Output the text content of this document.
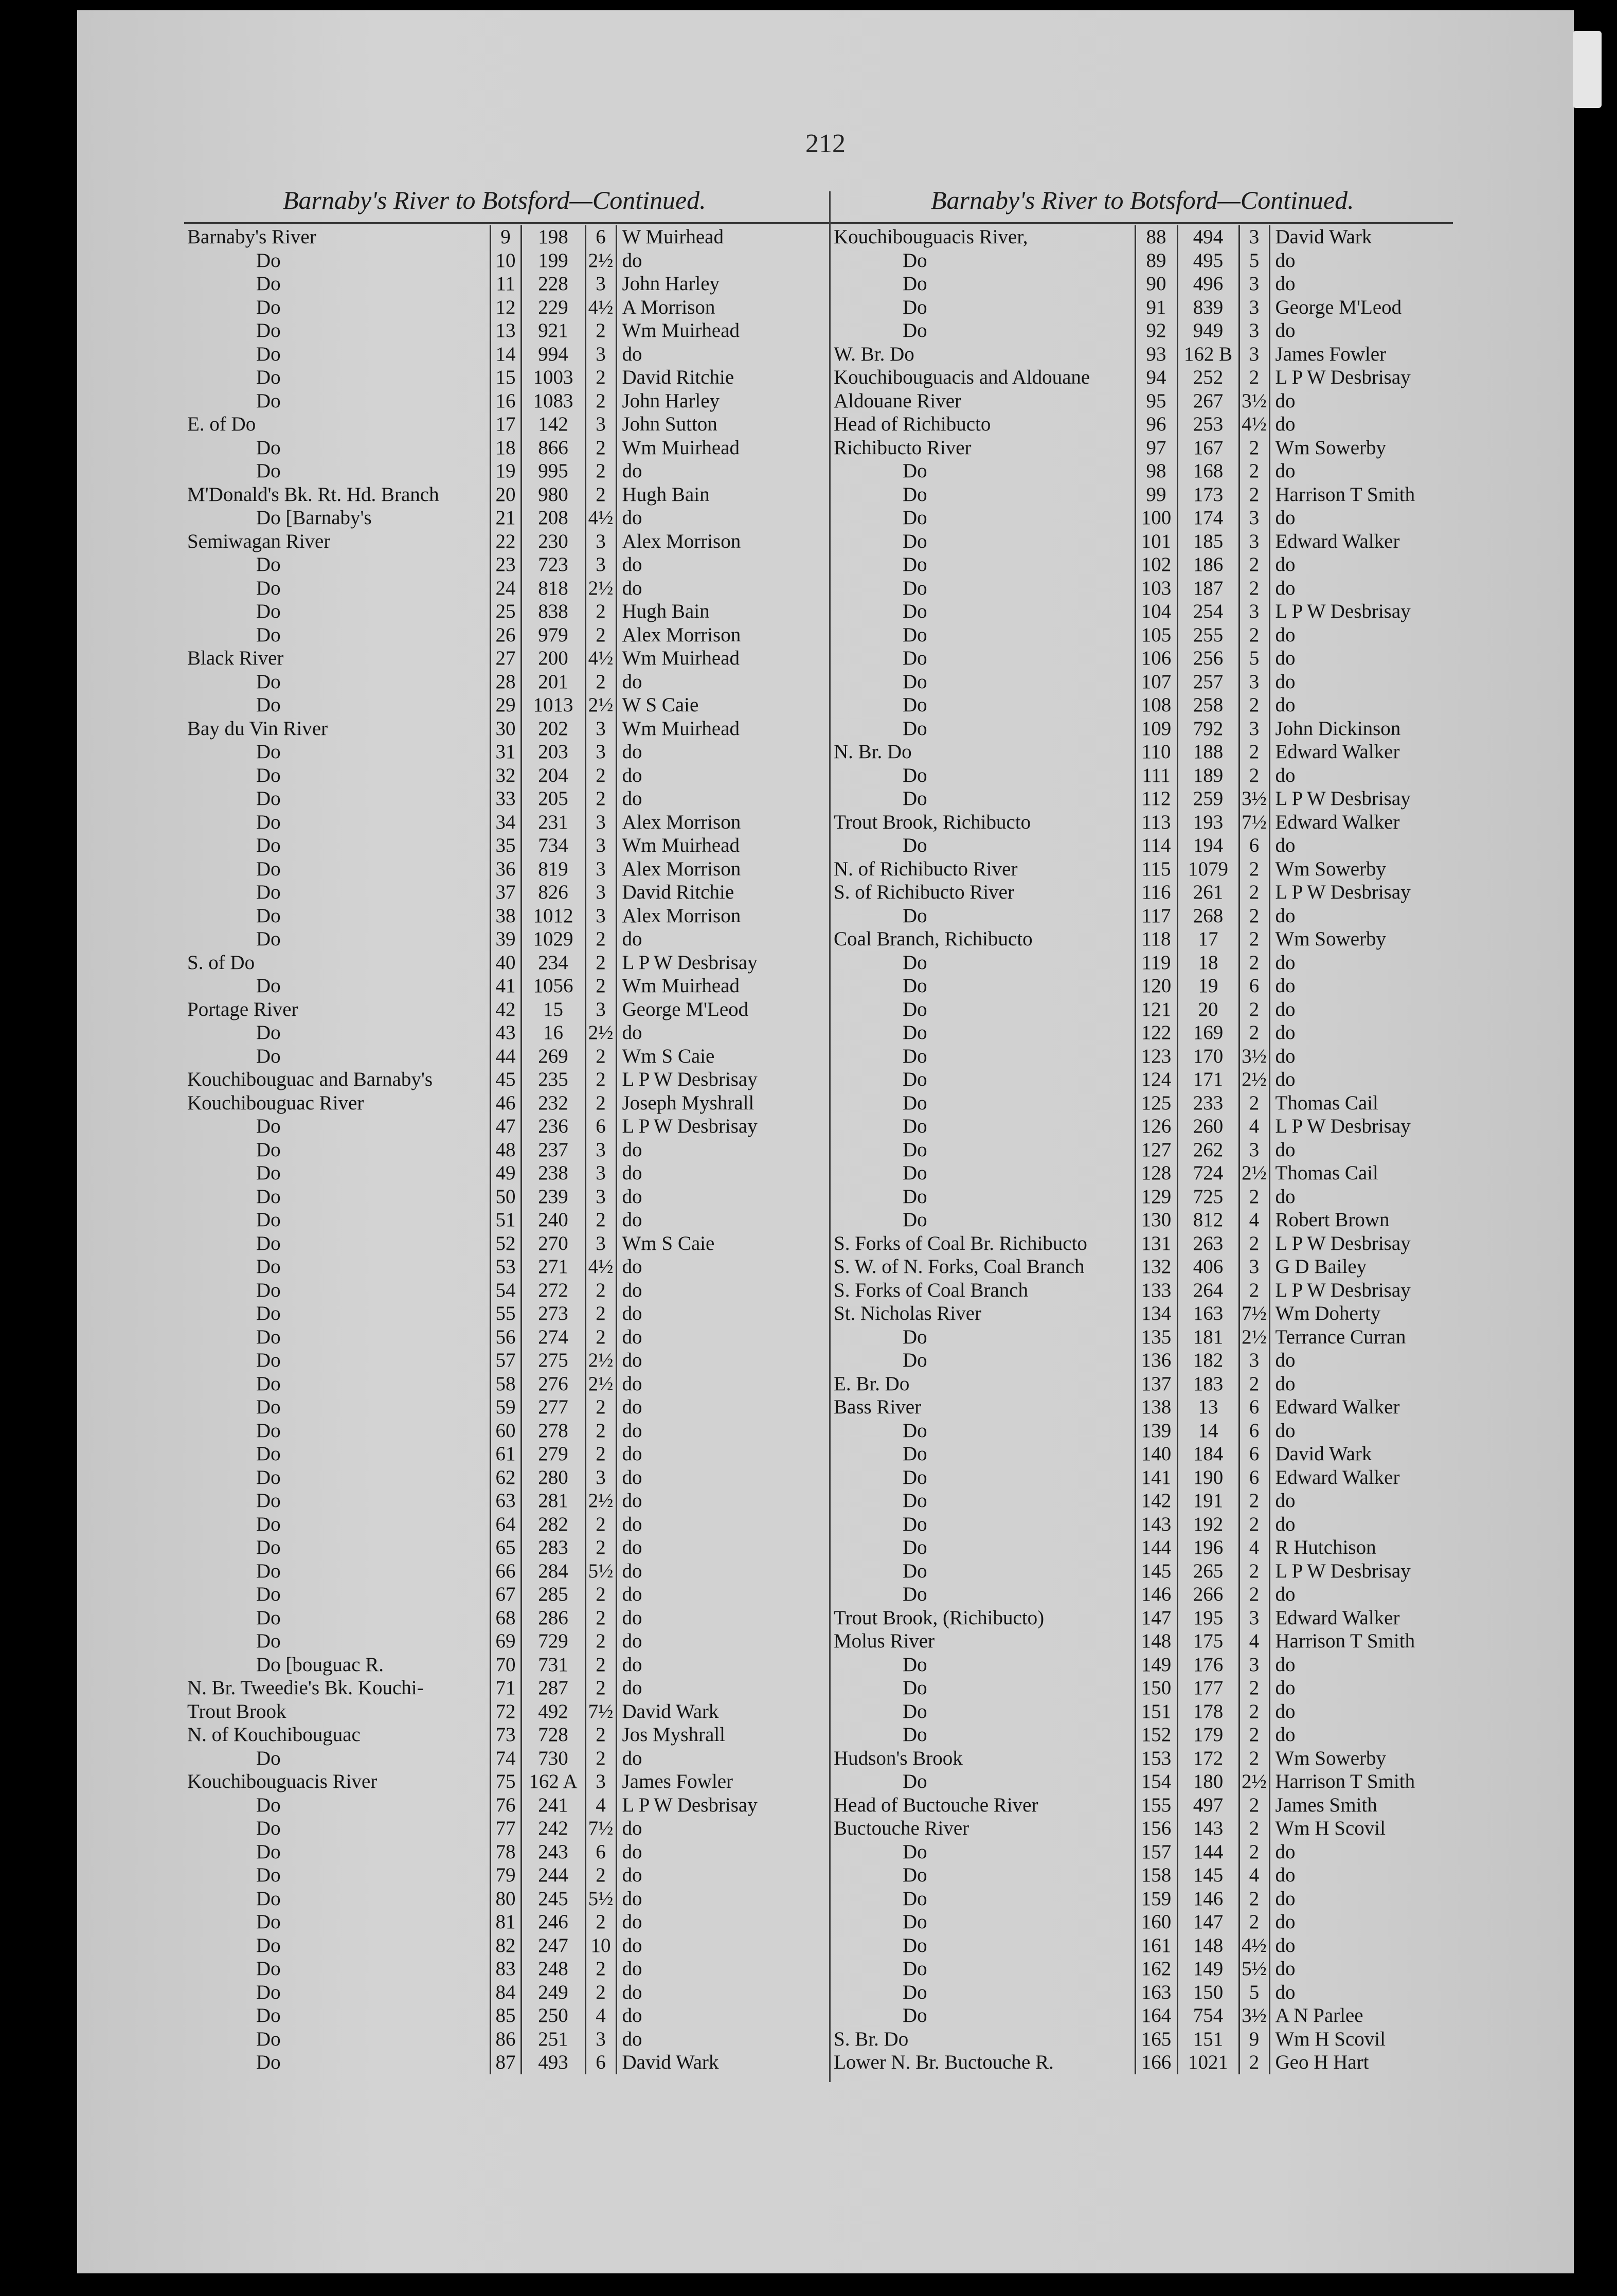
212
Barnaby's River to Botsford—Continued.	Barnaby's River to Botsford—Continued.
Barnaby's River	9	198	6	W Muirhead
Do	10	199	2½	do
Do	11	228	3	John Harley
Do	12	229	4½	A Morrison
Do	13	921	2	Wm Muirhead
Do	14	994	3	do
Do	15	1003	2	David Ritchie
Do	16	1083	2	John Harley
E. of Do	17	142	3	John Sutton
Do	18	866	2	Wm Muirhead
Do	19	995	2	do
M'Donald's Bk. Rt. Hd. Branch	20	980	2	Hugh Bain
Do [Barnaby's	21	208	4½	do
Semiwagan River	22	230	3	Alex Morrison
Do	23	723	3	do
Do	24	818	2½	do
Do	25	838	2	Hugh Bain
Do	26	979	2	Alex Morrison
Black River	27	200	4½	Wm Muirhead
Do	28	201	2	do
Do	29	1013	2½	W S Caie
Bay du Vin River	30	202	3	Wm Muirhead
Do	31	203	3	do
Do	32	204	2	do
Do	33	205	2	do
Do	34	231	3	Alex Morrison
Do	35	734	3	Wm Muirhead
Do	36	819	3	Alex Morrison
Do	37	826	3	David Ritchie
Do	38	1012	3	Alex Morrison
Do	39	1029	2	do
S. of Do	40	234	2	L P W Desbrisay
Do	41	1056	2	Wm Muirhead
Portage River	42	15	3	George M'Leod
Do	43	16	2½	do
Do	44	269	2	Wm S Caie
Kouchibouguac and Barnaby's	45	235	2	L P W Desbrisay
Kouchibouguac River	46	232	2	Joseph Myshrall
Do	47	236	6	L P W Desbrisay
Do	48	237	3	do
Do	49	238	3	do
Do	50	239	3	do
Do	51	240	2	do
Do	52	270	3	Wm S Caie
Do	53	271	4½	do
Do	54	272	2	do
Do	55	273	2	do
Do	56	274	2	do
Do	57	275	2½	do
Do	58	276	2½	do
Do	59	277	2	do
Do	60	278	2	do
Do	61	279	2	do
Do	62	280	3	do
Do	63	281	2½	do
Do	64	282	2	do
Do	65	283	2	do
Do	66	284	5½	do
Do	67	285	2	do
Do	68	286	2	do
Do	69	729	2	do
Do [bouguac R.	70	731	2	do
N. Br. Tweedie's Bk. Kouchi-	71	287	2	do
Trout Brook	72	492	7½	David Wark
N. of Kouchibouguac	73	728	2	Jos Myshrall
Do	74	730	2	do
Kouchibouguacis River	75	162 A	3	James Fowler
Do	76	241	4	L P W Desbrisay
Do	77	242	7½	do
Do	78	243	6	do
Do	79	244	2	do
Do	80	245	5½	do
Do	81	246	2	do
Do	82	247	10	do
Do	83	248	2	do
Do	84	249	2	do
Do	85	250	4	do
Do	86	251	3	do
Do	87	493	6	David Wark
Kouchibouguacis River,	88	494	3	David Wark
Do	89	495	5	do
Do	90	496	3	do
Do	91	839	3	George M'Leod
Do	92	949	3	do
W. Br. Do	93	162 B	3	James Fowler
Kouchibouguacis and Aldouane	94	252	2	L P W Desbrisay
Aldouane River	95	267	3½	do
Head of Richibucto	96	253	4½	do
Richibucto River	97	167	2	Wm Sowerby
Do	98	168	2	do
Do	99	173	2	Harrison T Smith
Do	100	174	3	do
Do	101	185	3	Edward Walker
Do	102	186	2	do
Do	103	187	2	do
Do	104	254	3	L P W Desbrisay
Do	105	255	2	do
Do	106	256	5	do
Do	107	257	3	do
Do	108	258	2	do
Do	109	792	3	John Dickinson
N. Br. Do	110	188	2	Edward Walker
Do	111	189	2	do
Do	112	259	3½	L P W Desbrisay
Trout Brook, Richibucto	113	193	7½	Edward Walker
Do	114	194	6	do
N. of Richibucto River	115	1079	2	Wm Sowerby
S. of Richibucto River	116	261	2	L P W Desbrisay
Do	117	268	2	do
Coal Branch, Richibucto	118	17	2	Wm Sowerby
Do	119	18	2	do
Do	120	19	6	do
Do	121	20	2	do
Do	122	169	2	do
Do	123	170	3½	do
Do	124	171	2½	do
Do	125	233	2	Thomas Cail
Do	126	260	4	L P W Desbrisay
Do	127	262	3	do
Do	128	724	2½	Thomas Cail
Do	129	725	2	do
Do	130	812	4	Robert Brown
S. Forks of Coal Br. Richibucto	131	263	2	L P W Desbrisay
S. W. of N. Forks, Coal Branch	132	406	3	G D Bailey
S. Forks of Coal Branch	133	264	2	L P W Desbrisay
St. Nicholas River	134	163	7½	Wm Doherty
Do	135	181	2½	Terrance Curran
Do	136	182	3	do
E. Br. Do	137	183	2	do
Bass River	138	13	6	Edward Walker
Do	139	14	6	do
Do	140	184	6	David Wark
Do	141	190	6	Edward Walker
Do	142	191	2	do
Do	143	192	2	do
Do	144	196	4	R Hutchison
Do	145	265	2	L P W Desbrisay
Do	146	266	2	do
Trout Brook, (Richibucto)	147	195	3	Edward Walker
Molus River	148	175	4	Harrison T Smith
Do	149	176	3	do
Do	150	177	2	do
Do	151	178	2	do
Do	152	179	2	do
Hudson's Brook	153	172	2	Wm Sowerby
Do	154	180	2½	Harrison T Smith
Head of Buctouche River	155	497	2	James Smith
Buctouche River	156	143	2	Wm H Scovil
Do	157	144	2	do
Do	158	145	4	do
Do	159	146	2	do
Do	160	147	2	do
Do	161	148	4½	do
Do	162	149	5½	do
Do	163	150	5	do
Do	164	754	3½	A N Parlee
S. Br. Do	165	151	9	Wm H Scovil
Lower N. Br. Buctouche R.	166	1021	2	Geo H Hart
